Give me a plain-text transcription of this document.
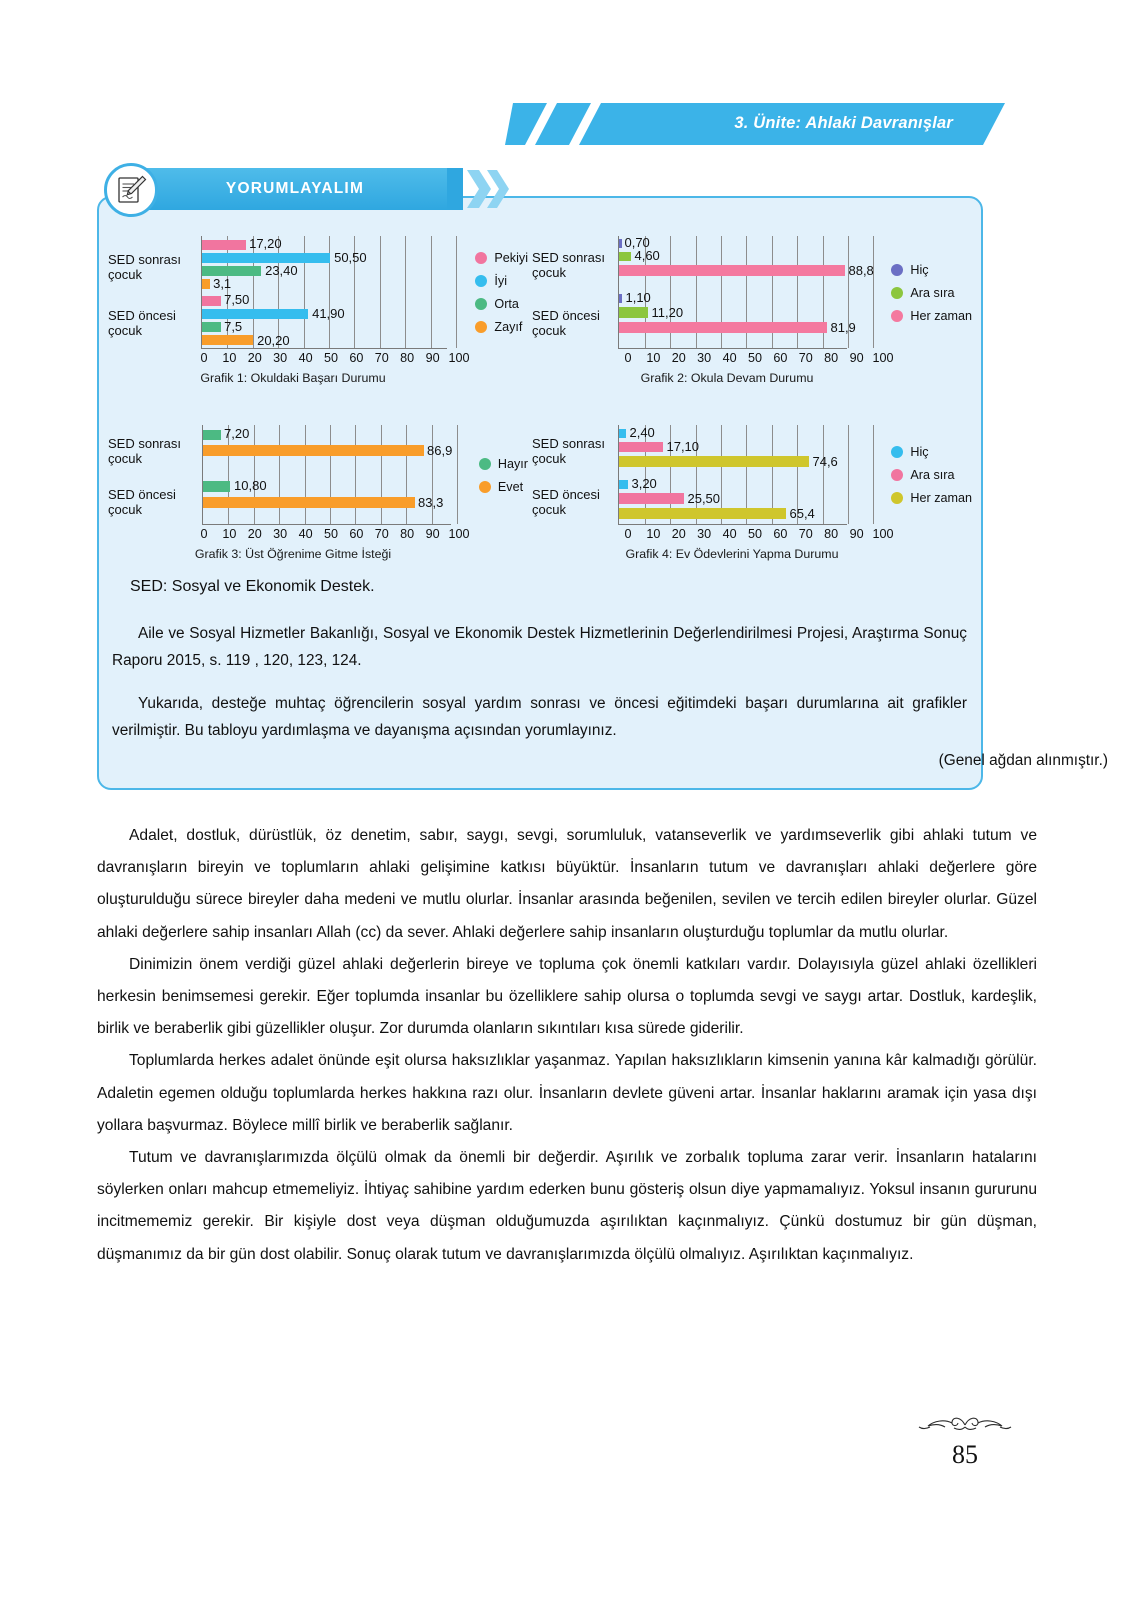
3. Ünite: Ahlaki Davranışlar
YORUMLAYALIM
SED sonrası çocuk
SED öncesi çocuk
17,20
50,50
23,40
3,1
7,50
41,90
7,5
20,20
Pekiyi
İyi
Orta
Zayıf
0 10 20 30 40 50 60 70 80 90 100
Grafik 1: Okuldaki Başarı Durumu
SED sonrası çocuk
SED öncesi çocuk
0,70
4,60
88,8
1,10
11,20
81,9
Hiç
Ara sıra
Her zaman
0 10 20 30 40 50 60 70 80 90 100
Grafik 2: Okula Devam Durumu
SED sonrası çocuk
SED öncesi çocuk
7,20
86,9
10,80
83,3
Hayır
Evet
0 10 20 30 40 50 60 70 80 90 100
Grafik 3: Üst Öğrenime Gitme İsteği
SED sonrası çocuk
SED öncesi çocuk
2,40
17,10
74,6
3,20
25,50
65,4
Hiç
Ara sıra
Her zaman
0 10 20 30 40 50 60 70 80 90 100
Grafik 4: Ev Ödevlerini Yapma Durumu
SED: Sosyal ve Ekonomik Destek.
Aile ve Sosyal Hizmetler Bakanlığı, Sosyal ve Ekonomik Destek Hizmetlerinin Değerlendirilmesi Projesi, Araştırma Sonuç Raporu 2015, s. 119 , 120, 123, 124.
Yukarıda, desteğe muhtaç öğrencilerin sosyal yardım sonrası ve öncesi eğitimdeki başarı durumlarına ait grafikler verilmiştir. Bu tabloyu yardımlaşma ve dayanışma açısından yorumlayınız.
(Genel ağdan alınmıştır.)

Adalet, dostluk, dürüstlük, öz denetim, sabır, saygı, sevgi, sorumluluk, vatanseverlik ve yardımseverlik gibi ahlaki tutum ve davranışların bireyin ve toplumların ahlaki gelişimine katkısı büyüktür. İnsanların tutum ve davranışları ahlaki değerlere göre oluşturulduğu sürece bireyler daha medeni ve mutlu olurlar. İnsanlar arasında beğenilen, sevilen ve tercih edilen bireyler olurlar. Güzel ahlaki değerlere sahip insanları Allah (cc) da sever. Ahlaki değerlere sahip insanların oluşturduğu toplumlar da mutlu olurlar.

Dinimizin önem verdiği güzel ahlaki değerlerin bireye ve topluma çok önemli katkıları vardır. Dolayısıyla güzel ahlaki özellikleri herkesin benimsemesi gerekir. Eğer toplumda insanlar bu özelliklere sahip olursa o toplumda sevgi ve saygı artar. Dostluk, kardeşlik, birlik ve beraberlik gibi güzellikler oluşur. Zor durumda olanların sıkıntıları kısa sürede giderilir.

Toplumlarda herkes adalet önünde eşit olursa haksızlıklar yaşanmaz. Yapılan haksızlıkların kimsenin yanına kâr kalmadığı görülür. Adaletin egemen olduğu toplumlarda herkes hakkına razı olur. İnsanların devlete güveni artar. İnsanlar haklarını aramak için yasa dışı yollara başvurmaz. Böylece millî birlik ve beraberlik sağlanır.

Tutum ve davranışlarımızda ölçülü olmak da önemli bir değerdir. Aşırılık ve zorbalık topluma zarar verir. İnsanların hatalarını söylerken onları mahcup etmemeliyiz. İhtiyaç sahibine yardım ederken bunu gösteriş olsun diye yapmamalıyız. Yoksul insanın gururunu incitmememiz gerekir. Bir kişiyle dost veya düşman olduğumuzda aşırılıktan kaçınmalıyız. Çünkü dostumuz bir gün düşman, düşmanımız da bir gün dost olabilir. Sonuç olarak tutum ve davranışlarımızda ölçülü olmalıyız. Aşırılıktan kaçınmalıyız.

85
